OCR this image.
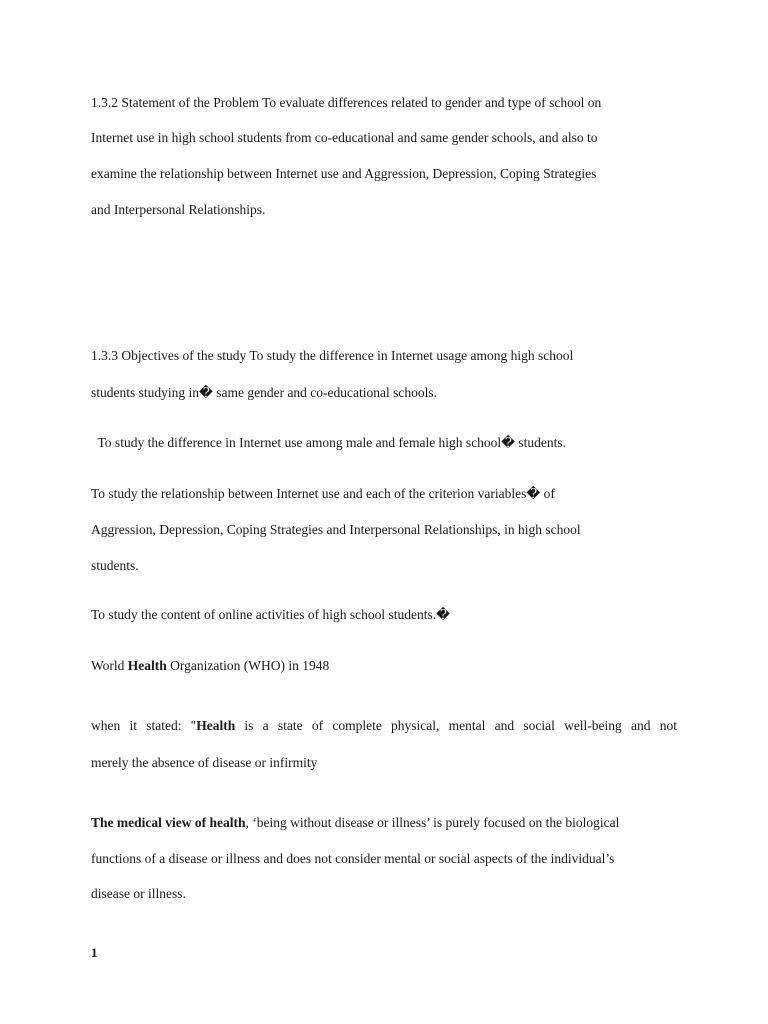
1.3.2 Statement of the Problem To evaluate differences related to gender and type of school on

Internet use in high school students from co-educational and same gender schools, and also to

examine the relationship between Internet use and Aggression, Depression, Coping Strategies

and Interpersonal Relationships.

1.3.3 Objectives of the study To study the difference in Internet usage among high school

students studying in� same gender and co-educational schools.

To study the difference in Internet use among male and female high school� students.

To study the relationship between Internet use and each of the criterion variables� of

Aggression, Depression, Coping Strategies and Interpersonal Relationships, in high school

students.

To study the content of online activities of high school students.�

World Health Organization (WHO) in 1948

when it stated: "Health is a state of complete physical, mental and social well-being and not

merely the absence of disease or infirmity

The medical view of health, ‘being without disease or illness’ is purely focused on the biological

functions of a disease or illness and does not consider mental or social aspects of the individual’s

disease or illness.

1
